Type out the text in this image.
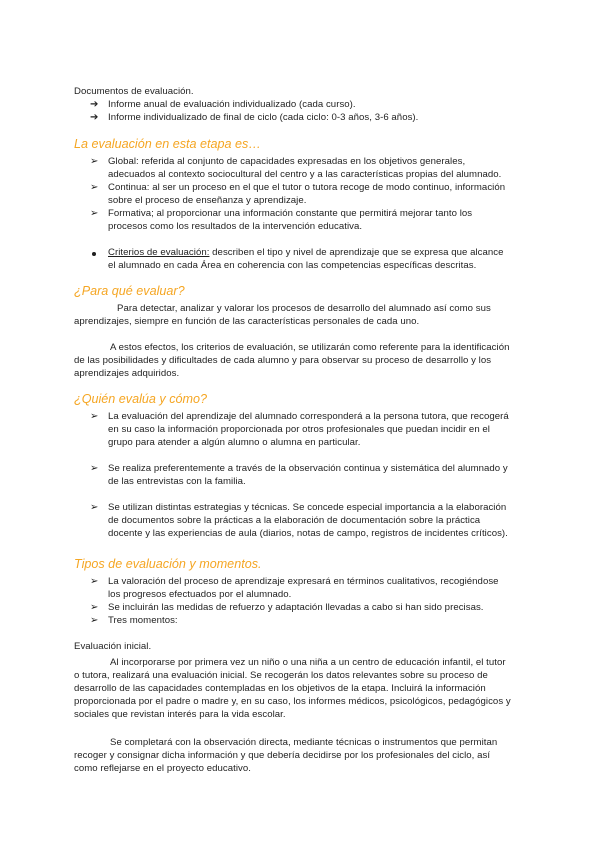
Documentos de evaluación.
➔ Informe anual de evaluación individualizado (cada curso).
➔ Informe individualizado de final de ciclo (cada ciclo: 0-3 años, 3-6 años).
La evaluación en esta etapa es…
➢ Global: referida al conjunto de capacidades expresadas en los objetivos generales,
adecuados al contexto sociocultural del centro y a las características propias del alumnado.
➢ Continua: al ser un proceso en el que el tutor o tutora recoge de modo continuo, información
sobre el proceso de enseñanza y aprendizaje.
➢ Formativa; al proporcionar una información constante que permitirá mejorar tanto los
procesos como los resultados de la intervención educativa.
Criterios de evaluación: describen el tipo y nivel de aprendizaje que se expresa que alcance
el alumnado en cada Área en coherencia con las competencias específicas descritas.
¿Para qué evaluar?
Para detectar, analizar y valorar los procesos de desarrollo del alumnado así como sus
aprendizajes, siempre en función de las características personales de cada uno.
A estos efectos, los criterios de evaluación, se utilizarán como referente para la identificación
de las posibilidades y dificultades de cada alumno y para observar su proceso de desarrollo y los
aprendizajes adquiridos.
¿Quién evalúa y cómo?
➢ La evaluación del aprendizaje del alumnado corresponderá a la persona tutora, que recogerá
en su caso la información proporcionada por otros profesionales que puedan incidir en el
grupo para atender a algún alumno o alumna en particular.
➢ Se realiza preferentemente a través de la observación continua y sistemática del alumnado y
de las entrevistas con la familia.
➢ Se utilizan distintas estrategias y técnicas. Se concede especial importancia a la elaboración
de documentos sobre la prácticas a la elaboración de documentación sobre la práctica
docente y las experiencias de aula (diarios, notas de campo, registros de incidentes críticos).
Tipos de evaluación y momentos.
➢ La valoración del proceso de aprendizaje expresará en términos cualitativos, recogiéndose
los progresos efectuados por el alumnado.
➢ Se incluirán las medidas de refuerzo y adaptación llevadas a cabo si han sido precisas.
➢ Tres momentos:
Evaluación inicial.
Al incorporarse por primera vez un niño o una niña a un centro de educación infantil, el tutor
o tutora, realizará una evaluación inicial. Se recogerán los datos relevantes sobre su proceso de
desarrollo de las capacidades contempladas en los objetivos de la etapa. Incluirá la información
proporcionada por el padre o madre y, en su caso, los informes médicos, psicológicos, pedagógicos y
sociales que revistan interés para la vida escolar.
Se completará con la observación directa, mediante técnicas o instrumentos que permitan
recoger y consignar dicha información y que debería decidirse por los profesionales del ciclo, así
como reflejarse en el proyecto educativo.
